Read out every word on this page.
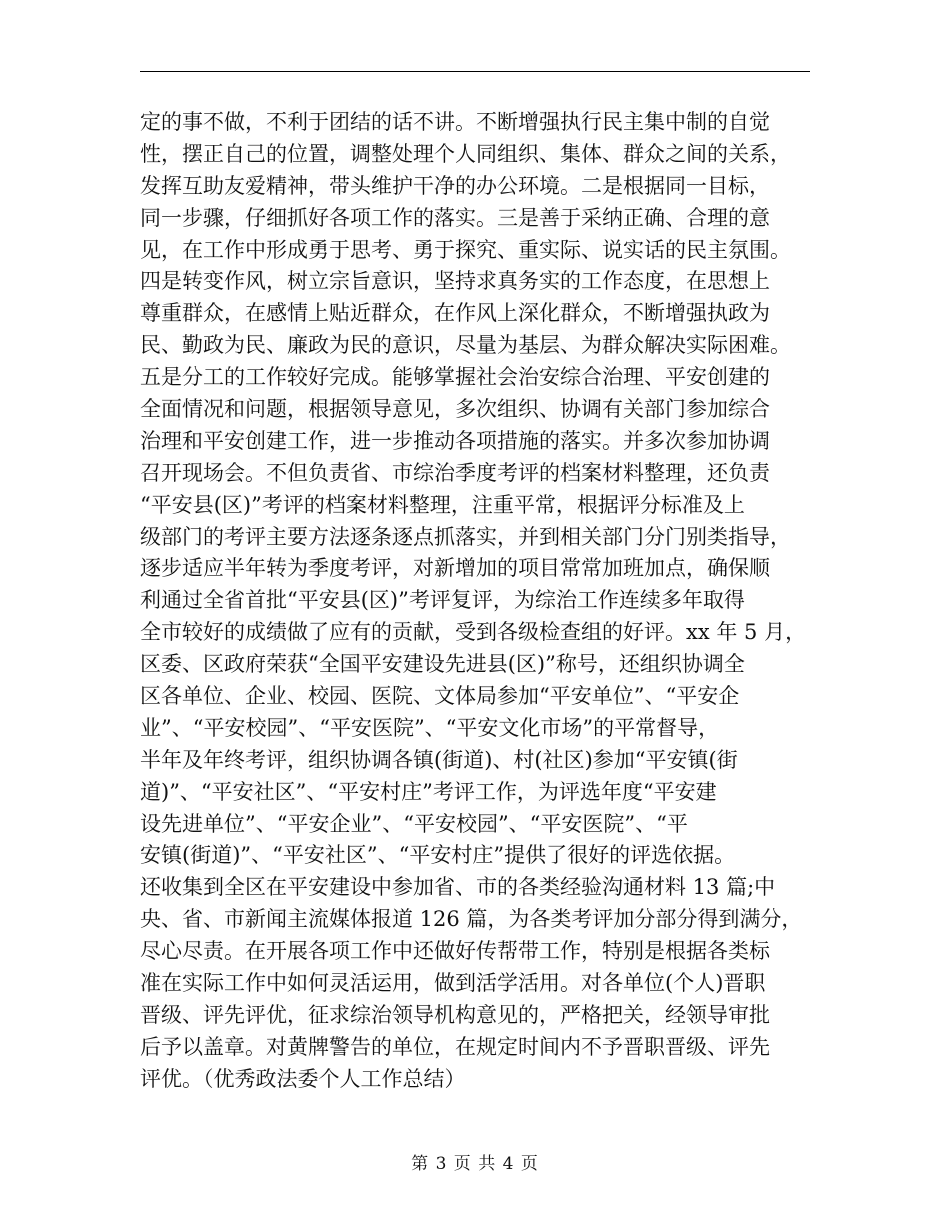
定的事不做，不利于团结的话不讲。不断增强执行民主集中制的自觉
性，摆正自己的位置，调整处理个人同组织、集体、群众之间的关系，
发挥互助友爱精神，带头维护干净的办公环境。二是根据同一目标，
同一步骤，仔细抓好各项工作的落实。三是善于采纳正确、合理的意
见，在工作中形成勇于思考、勇于探究、重实际、说实话的民主氛围。
四是转变作风，树立宗旨意识，坚持求真务实的工作态度，在思想上
尊重群众，在感情上贴近群众，在作风上深化群众，不断增强执政为
民、勤政为民、廉政为民的意识，尽量为基层、为群众解决实际困难。
五是分工的工作较好完成。能够掌握社会治安综合治理、平安创建的
全面情况和问题，根据领导意见，多次组织、协调有关部门参加综合
治理和平安创建工作，进一步推动各项措施的落实。并多次参加协调
召开现场会。不但负责省、市综治季度考评的档案材料整理，还负责
“平安县(区)”考评的档案材料整理，注重平常，根据评分标准及上
级部门的考评主要方法逐条逐点抓落实，并到相关部门分门别类指导，
逐步适应半年转为季度考评，对新增加的项目常常加班加点，确保顺
利通过全省首批“平安县(区)”考评复评，为综治工作连续多年取得
全市较好的成绩做了应有的贡献，受到各级检查组的好评。xx 年 5 月，
区委、区政府荣获“全国平安建设先进县(区)”称号，还组织协调全
区各单位、企业、校园、医院、文体局参加“平安单位”、“平安企
业”、“平安校园”、“平安医院”、“平安文化市场”的平常督导，
半年及年终考评，组织协调各镇(街道)、村(社区)参加“平安镇(街
道)”、“平安社区”、“平安村庄”考评工作，为评选年度“平安建
设先进单位”、“平安企业”、“平安校园”、“平安医院”、“平
安镇(街道)”、“平安社区”、“平安村庄”提供了很好的评选依据。
还收集到全区在平安建设中参加省、市的各类经验沟通材料 13 篇;中
央、省、市新闻主流媒体报道 126 篇，为各类考评加分部分得到满分，
尽心尽责。在开展各项工作中还做好传帮带工作，特别是根据各类标
准在实际工作中如何灵活运用，做到活学活用。对各单位(个人)晋职
晋级、评先评优，征求综治领导机构意见的，严格把关，经领导审批
后予以盖章。对黄牌警告的单位，在规定时间内不予晋职晋级、评先
评优。（优秀政法委个人工作总结）
第 3 页 共 4 页
